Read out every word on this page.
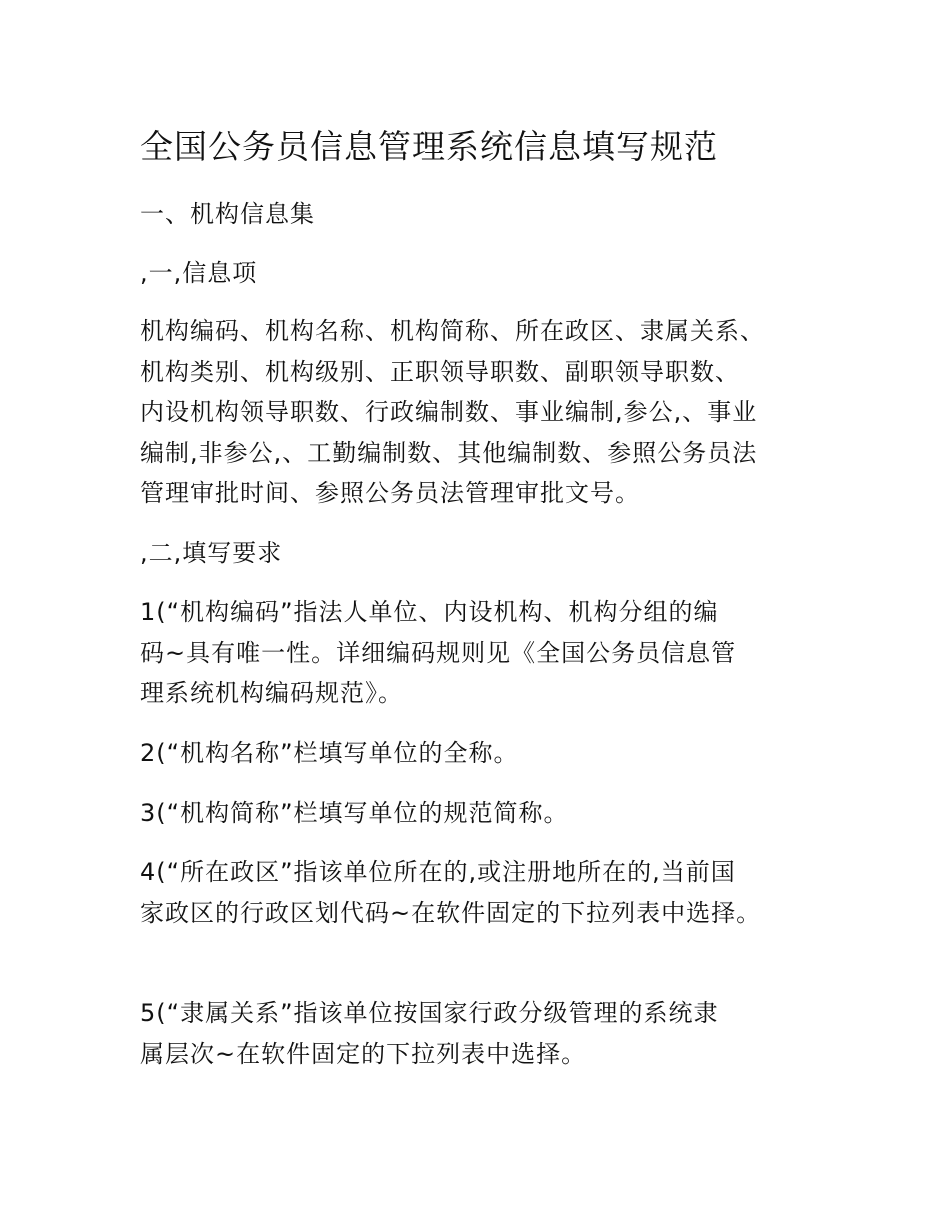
全国公务员信息管理系统信息填写规范
一、机构信息集
,一,信息项
机构编码、机构名称、机构简称、所在政区、隶属关系、
机构类别、机构级别、正职领导职数、副职领导职数、
内设机构领导职数、行政编制数、事业编制,参公,、事业
编制,非参公,、工勤编制数、其他编制数、参照公务员法
管理审批时间、参照公务员法管理审批文号。
,二,填写要求
1(“机构编码”指法人单位、内设机构、机构分组的编
码~具有唯一性。详细编码规则见《全国公务员信息管
理系统机构编码规范》。
2(“机构名称”栏填写单位的全称。
3(“机构简称”栏填写单位的规范简称。
4(“所在政区”指该单位所在的,或注册地所在的,当前国
家政区的行政区划代码~在软件固定的下拉列表中选择。
5(“隶属关系”指该单位按国家行政分级管理的系统隶
属层次~在软件固定的下拉列表中选择。
